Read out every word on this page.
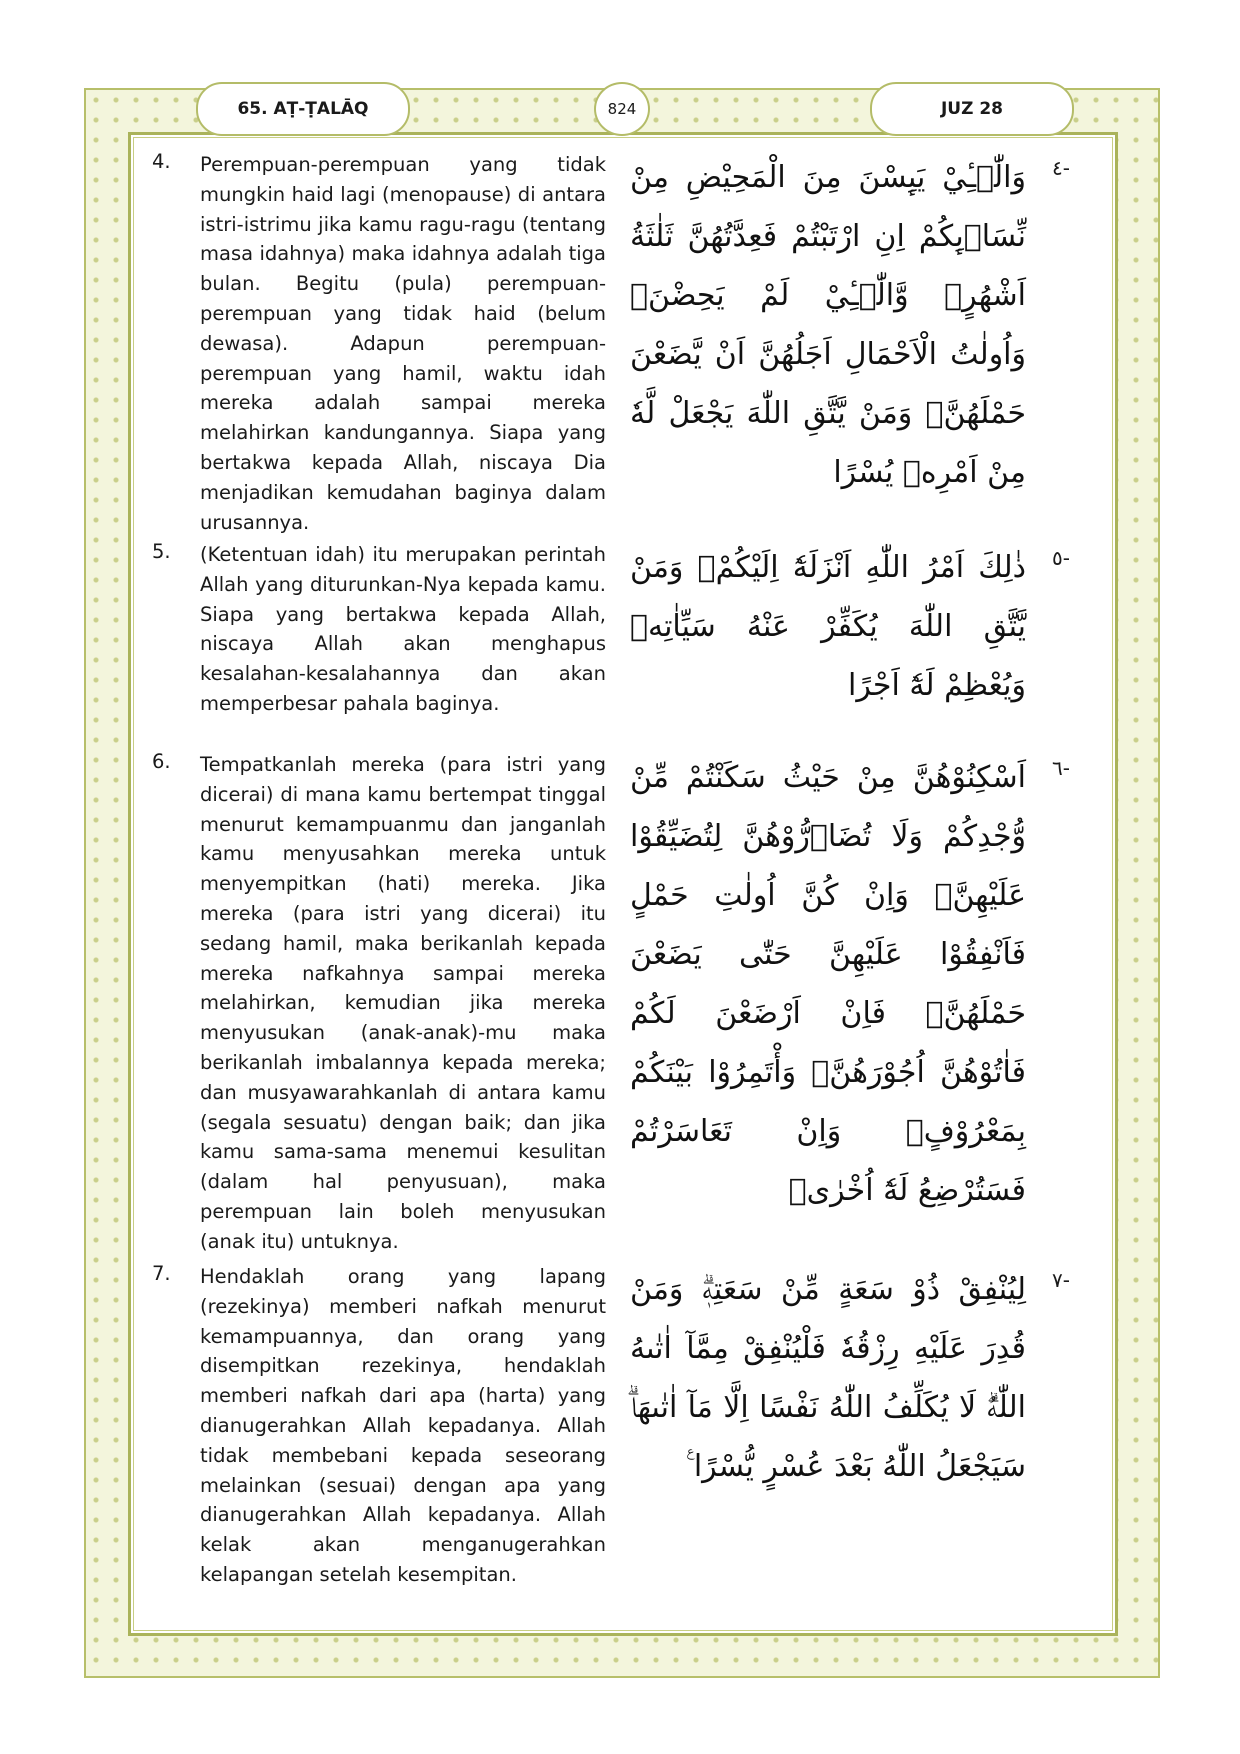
65. AṬ-ṬALĀQ	824	JUZ 28
4. Perempuan-perempuan yang tidak mungkin haid lagi (menopause) di antara istri-istrimu jika kamu ragu-ragu (tentang masa idahnya) maka idahnya adalah tiga bulan. Begitu (pula) perempuan-perempuan yang tidak haid (belum dewasa). Adapun perempuan-perempuan yang hamil, waktu idah mereka adalah sampai mereka melahirkan kandungannya. Siapa yang bertakwa kepada Allah, niscaya Dia menjadikan kemudahan baginya dalam urusannya.

وَالّٰۤـِٔيْ يَىِٕسْنَ مِنَ الْمَحِيْضِ مِنْ نِّسَاۤىِٕكُمْ اِنِ ارْتَبْتُمْ فَعِدَّتُهُنَّ ثَلٰثَةُ اَشْهُرٍۙ وَّالّٰۤـِٔيْ لَمْ يَحِضْنَۗ وَاُولٰتُ الْاَحْمَالِ اَجَلُهُنَّ اَنْ يَّضَعْنَ حَمْلَهُنَّۗ وَمَنْ يَّتَّقِ اللّٰهَ يَجْعَلْ لَّهٗ مِنْ اَمْرِهٖ يُسْرًا

-٤
5. (Ketentuan idah) itu merupakan perintah Allah yang diturunkan-Nya kepada kamu. Siapa yang bertakwa kepada Allah, niscaya Allah akan menghapus kesalahan-kesalahannya dan akan memperbesar pahala baginya.

ذٰلِكَ اَمْرُ اللّٰهِ اَنْزَلَهٗٓ اِلَيْكُمْۗ وَمَنْ يَّتَّقِ اللّٰهَ يُكَفِّرْ عَنْهُ سَيِّاٰتِهٖ وَيُعْظِمْ لَهٗٓ اَجْرًا

-٥
6. Tempatkanlah mereka (para istri yang dicerai) di mana kamu bertempat tinggal menurut kemampuanmu dan janganlah kamu menyusahkan mereka untuk menyempitkan (hati) mereka. Jika mereka (para istri yang dicerai) itu sedang hamil, maka berikanlah kepada mereka nafkahnya sampai mereka melahirkan, kemudian jika mereka menyusukan (anak-anak)-mu maka berikanlah imbalannya kepada mereka; dan musyawarahkanlah di antara kamu (segala sesuatu) dengan baik; dan jika kamu sama-sama menemui kesulitan (dalam hal penyusuan), maka perempuan lain boleh menyusukan (anak itu) untuknya.

اَسْكِنُوْهُنَّ مِنْ حَيْثُ سَكَنْتُمْ مِّنْ وُّجْدِكُمْ وَلَا تُضَاۤرُّوْهُنَّ لِتُضَيِّقُوْا عَلَيْهِنَّۗ وَاِنْ كُنَّ اُولٰتِ حَمْلٍ فَاَنْفِقُوْا عَلَيْهِنَّ حَتّٰى يَضَعْنَ حَمْلَهُنَّۚ فَاِنْ اَرْضَعْنَ لَكُمْ فَاٰتُوْهُنَّ اُجُوْرَهُنَّۚ وَأْتَمِرُوْا بَيْنَكُمْ بِمَعْرُوْفٍۚ وَاِنْ تَعَاسَرْتُمْ فَسَتُرْضِعُ لَهٗٓ اُخْرٰىۗ

-٦
7. Hendaklah orang yang lapang (rezekinya) memberi nafkah menurut kemampuannya, dan orang yang disempitkan rezekinya, hendaklah memberi nafkah dari apa (harta) yang dianugerahkan Allah kepadanya. Allah tidak membebani kepada seseorang melainkan (sesuai) dengan apa yang dianugerahkan Allah kepadanya. Allah kelak akan menganugerahkan kelapangan setelah kesempitan.

لِيُنْفِقْ ذُوْ سَعَةٍ مِّنْ سَعَتِهٖۗ وَمَنْ قُدِرَ عَلَيْهِ رِزْقُهٗ فَلْيُنْفِقْ مِمَّآ اٰتٰىهُ اللّٰهُۗ لَا يُكَلِّفُ اللّٰهُ نَفْسًا اِلَّا مَآ اٰتٰىهَاۗ سَيَجْعَلُ اللّٰهُ بَعْدَ عُسْرٍ يُّسْرًا ࣖ

-٧
